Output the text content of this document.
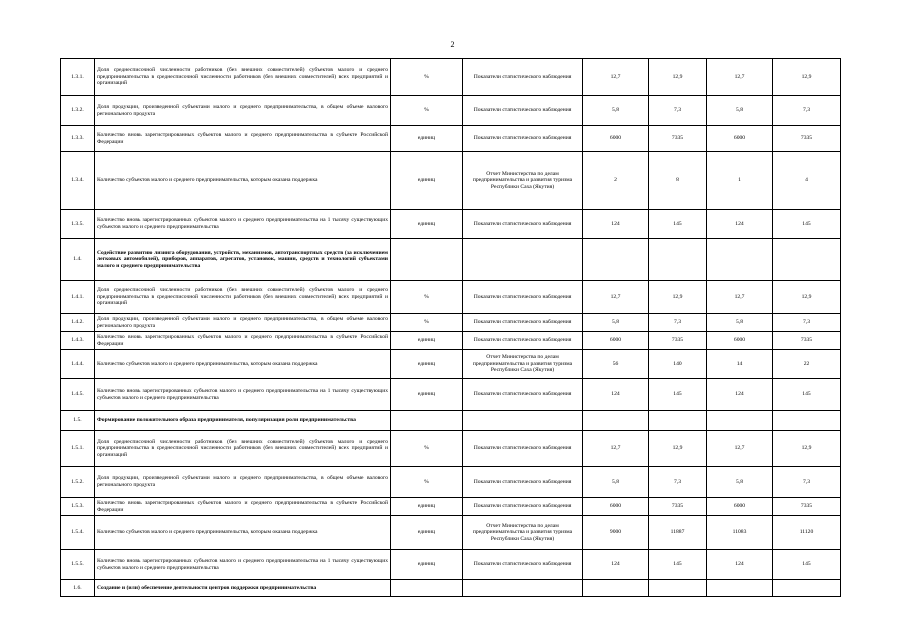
2
1.3.1.	Доля среднесписочной численности работников (без внешних совместителей) субъектов малого и среднего предпринимательства в среднесписочной численности работников (без внешних совместителей) всех предприятий и организаций	%	Показатели статистического наблюдения	12,7	12,9	12,7	12,9
1.3.2.	Доля продукции, произведенной субъектами малого и среднего предпринимательства, в общем объеме валового регионального продукта	%	Показатели статистического наблюдения	5,8	7,3	5,8	7,3
1.3.3.	Количество вновь зарегистрированных субъектов малого и среднего предпринимательства в субъекте Российской Федерации	единиц	Показатели статистического наблюдения	6000	7335	6000	7335
1.3.4.	Количество субъектов малого и среднего предпринимательства, которым оказана поддержка	единиц	Отчет Министерства по делам предпринимательства и развития туризма Республики Саха (Якутия)	2	8	1	4
1.3.5.	Количество вновь зарегистрированных субъектов малого и среднего предпринимательства на 1 тысячу существующих субъектов малого и среднего предпринимательства	единиц	Показатели статистического наблюдения	124	145	124	145
1.4.	Содействие развитию лизинга оборудования, устройств, механизмов, автотранспортных средств (за исключением легковых автомобилей), приборов, аппаратов, агрегатов, установок, машин, средств и технологий субъектами малого и среднего предпринимательства						
1.4.1.	Доля среднесписочной численности работников (без внешних совместителей) субъектов малого и среднего предпринимательства в среднесписочной численности работников (без внешних совместителей) всех предприятий и организаций	%	Показатели статистического наблюдения	12,7	12,9	12,7	12,9
1.4.2.	Доля продукции, произведенной субъектами малого и среднего предпринимательства, в общем объеме валового регионального продукта	%	Показатели статистического наблюдения	5,8	7,3	5,8	7,3
1.4.3.	Количество вновь зарегистрированных субъектов малого и среднего предпринимательства в субъекте Российской Федерации	единиц	Показатели статистического наблюдения	6000	7335	6000	7335
1.4.4.	Количество субъектов малого и среднего предпринимательства, которым оказана поддержка	единиц	Отчет Министерства по делам предпринимательства и развития туризма Республики Саха (Якутия)	56	140	14	22
1.4.5.	Количество вновь зарегистрированных субъектов малого и среднего предпринимательства на 1 тысячу существующих субъектов малого и среднего предпринимательства	единиц	Показатели статистического наблюдения	124	145	124	145
1.5.	Формирование положительного образа предпринимателя, популяризация роли предпринимательства						
1.5.1.	Доля среднесписочной численности работников (без внешних совместителей) субъектов малого и среднего предпринимательства в среднесписочной численности работников (без внешних совместителей) всех предприятий и организаций	%	Показатели статистического наблюдения	12,7	12,9	12,7	12,9
1.5.2.	Доля продукции, произведенной субъектами малого и среднего предпринимательства, в общем объеме валового регионального продукта	%	Показатели статистического наблюдения	5,8	7,3	5,8	7,3
1.5.3.	Количество вновь зарегистрированных субъектов малого и среднего предпринимательства в субъекте Российской Федерации	единиц	Показатели статистического наблюдения	6000	7335	6000	7335
1.5.4.	Количество субъектов малого и среднего предпринимательства, которым оказана поддержка	единиц	Отчет Министерства по делам предпринимательства и развития туризма Республики Саха (Якутия)	9000	11887	11083	11120
1.5.5.	Количество вновь зарегистрированных субъектов малого и среднего предпринимательства на 1 тысячу существующих субъектов малого и среднего предпринимательства	единиц	Показатели статистического наблюдения	124	145	124	145
1.6.	Создание и (или) обеспечение деятельности центров поддержки предпринимательства						
